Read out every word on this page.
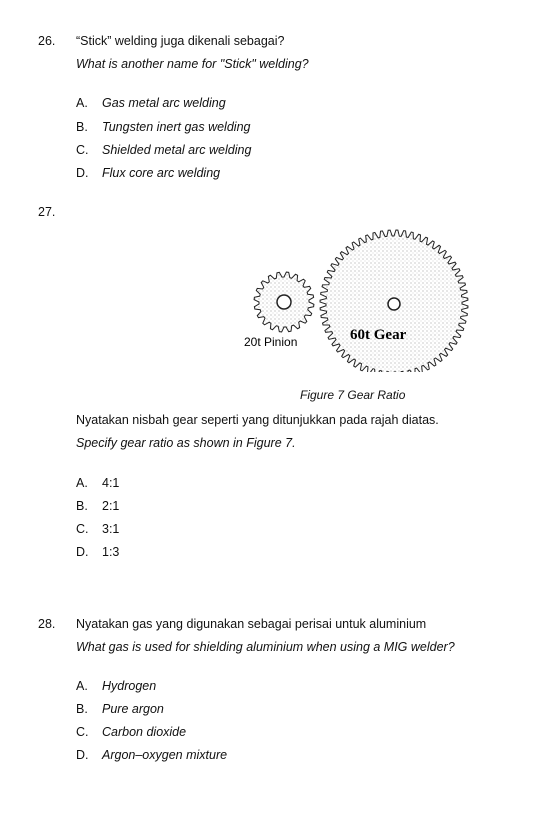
26. “Stick” welding juga dikenali sebagai?
What is another name for "Stick" welding?
A. Gas metal arc welding
B. Tungsten inert gas welding
C. Shielded metal arc welding
D. Flux core arc welding
27.
20t Pinion	60t Gear
Figure 7 Gear Ratio
Nyatakan nisbah gear seperti yang ditunjukkan pada rajah diatas.
Specify gear ratio as shown in Figure 7.
A. 4:1
B. 2:1
C. 3:1
D. 1:3
28. Nyatakan gas yang digunakan sebagai perisai untuk aluminium
What gas is used for shielding aluminium when using a MIG welder?
A. Hydrogen
B. Pure argon
C. Carbon dioxide
D. Argon–oxygen mixture
